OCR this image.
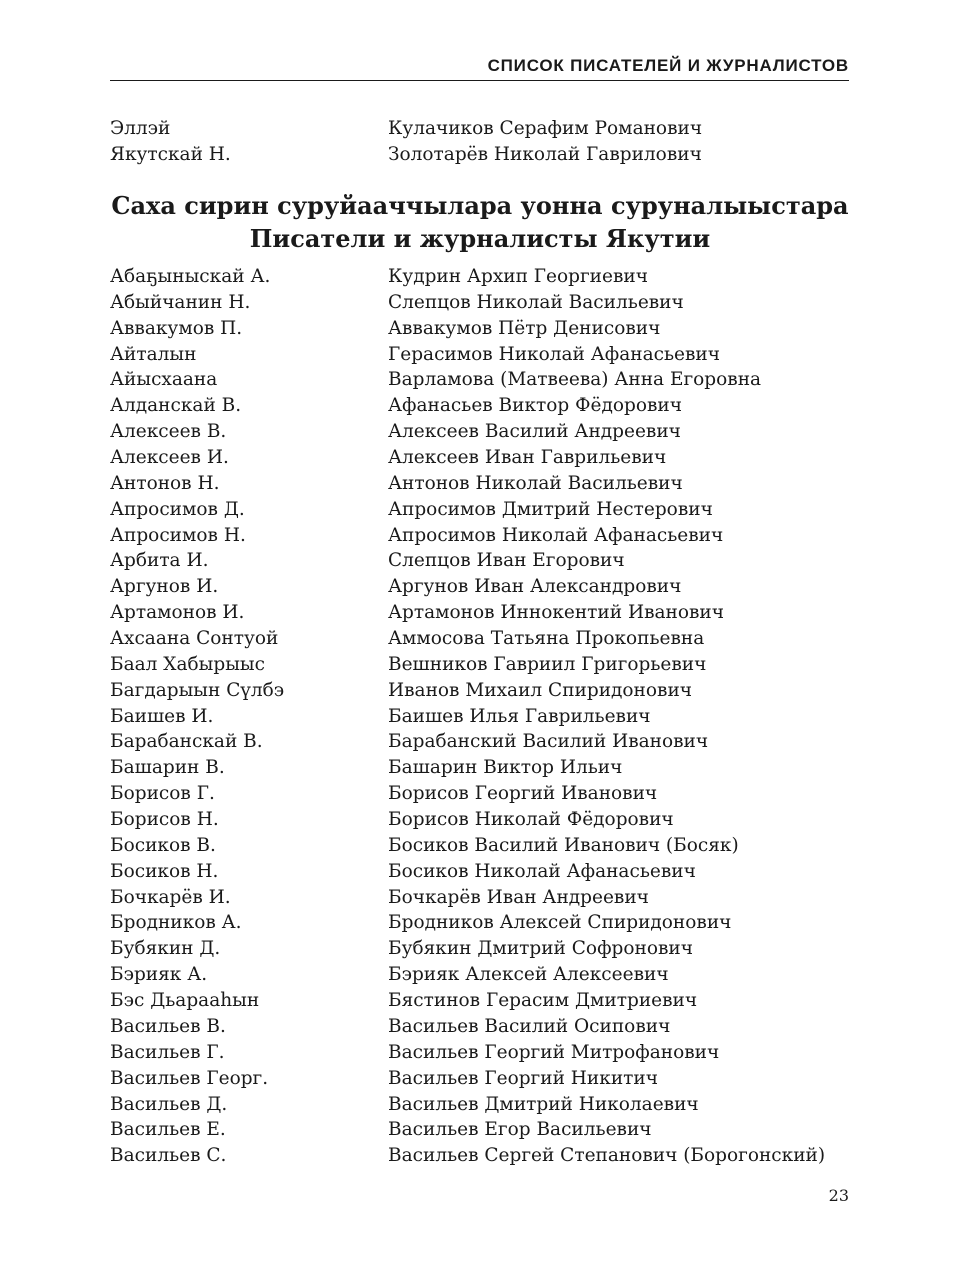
СПИСОК ПИСАТЕЛЕЙ И ЖУРНАЛИСТОВ
Эллэй	Кулачиков Серафим Романович
Якутскай Н.	Золотарёв Николай Гаврилович
Саха сирин суруйааччылара уонна суруналыыстара
Писатели и журналисты Якутии
Абаҕыныскай А.	Кудрин Архип Георгиевич
Абыйчанин Н.	Слепцов Николай Васильевич
Аввакумов П.	Аввакумов Пётр Денисович
Айталын	Герасимов Николай Афанасьевич
Айысхаана	Варламова (Матвеева) Анна Егоровна
Алданскай В.	Афанасьев Виктор Фёдорович
Алексеев В.	Алексеев Василий Андреевич
Алексеев И.	Алексеев Иван Гаврильевич
Антонов Н.	Антонов Николай Васильевич
Апросимов Д.	Апросимов Дмитрий Нестерович
Апросимов Н.	Апросимов Николай Афанасьевич
Арбита И.	Слепцов Иван Егорович
Аргунов И.	Аргунов Иван Александрович
Артамонов И.	Артамонов Иннокентий Иванович
Ахсаана Сонтуой	Аммосова Татьяна Прокопьевна
Баал Хабырыыс	Вешников Гавриил Григорьевич
Багдарыын Сүлбэ	Иванов Михаил Спиридонович
Баишев И.	Баишев Илья Гаврильевич
Барабанскай В.	Барабанский Василий Иванович
Башарин В.	Башарин Виктор Ильич
Борисов Г.	Борисов Георгий Иванович
Борисов Н.	Борисов Николай Фёдорович
Босиков В.	Босиков Василий Иванович (Босяк)
Босиков Н.	Босиков Николай Афанасьевич
Бочкарёв И.	Бочкарёв Иван Андреевич
Бродников А.	Бродников Алексей Спиридонович
Бубякин Д.	Бубякин Дмитрий Софронович
Бэрияк А.	Бэрияк Алексей Алексеевич
Бэс Дьарааһын	Бястинов Герасим Дмитриевич
Васильев В.	Васильев Василий Осипович
Васильев Г.	Васильев Георгий Митрофанович
Васильев Георг.	Васильев Георгий Никитич
Васильев Д.	Васильев Дмитрий Николаевич
Васильев Е.	Васильев Егор Васильевич
Васильев С.	Васильев Сергей Степанович (Борогонский)
23
